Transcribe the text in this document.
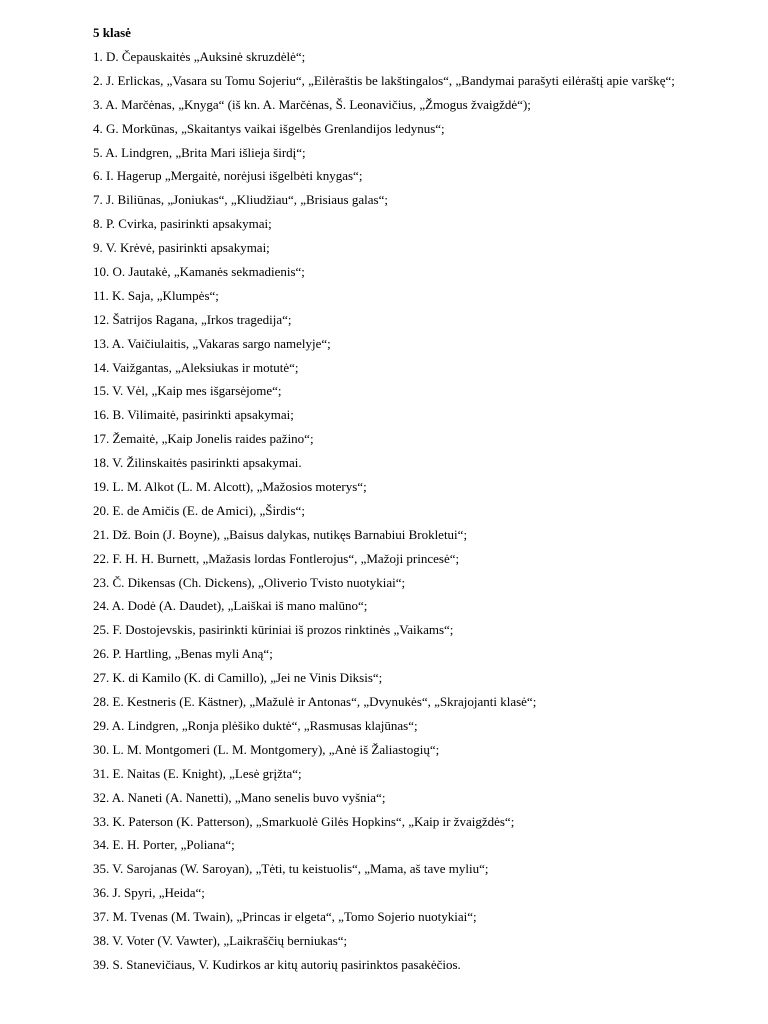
5 klasė
1. D. Čepauskaitės „Auksinė skruzdėlė“;
2. J. Erlickas, „Vasara su Tomu Sojeriu“, „Eilėraštis be lakštingalos“, „Bandymai parašyti eilėraštį apie varškę“;
3. A. Marčėnas, „Knyga“ (iš kn. A. Marčėnas, Š. Leonavičius, „Žmogus žvaigždė“);
4. G. Morkūnas, „Skaitantys vaikai išgelbės Grenlandijos ledynus“;
5. A. Lindgren, „Brita Mari išlieja širdį“;
6. I. Hagerup „Mergaitė, norėjusi išgelbėti knygas“;
7. J. Biliūnas, „Joniukas“, „Kliudžiau“, „Brisiaus galas“;
8. P. Cvirka, pasirinkti apsakymai;
9. V. Krėvė, pasirinkti apsakymai;
10. O. Jautakė, „Kamanės sekmadienis“;
11. K. Saja, „Klumpės“;
12. Šatrijos Ragana, „Irkos tragedija“;
13. A. Vaičiulaitis, „Vakaras sargo namelyje“;
14. Vaižgantas, „Aleksiukas ir motutė“;
15. V. Vėl, „Kaip mes išgarsėjome“;
16. B. Vilimaitė, pasirinkti apsakymai;
17. Žemaitė, „Kaip Jonelis raides pažino“;
18. V. Žilinskaitės pasirinkti apsakymai.
19. L. M. Alkot (L. M. Alcott), „Mažosios moterys“;
20. E. de Amičis (E. de Amici), „Širdis“;
21. Dž. Boin (J. Boyne), „Baisus dalykas, nutikęs Barnabiui Brokletui“;
22. F. H. H. Burnett, „Mažasis lordas Fontlerojus“, „Mažoji princesė“;
23. Č. Dikensas (Ch. Dickens), „Oliverio Tvisto nuotykiai“;
24. A. Dodė (A. Daudet), „Laiškai iš mano malūno“;
25. F. Dostojevskis, pasirinkti kūriniai iš prozos rinktinės „Vaikams“;
26. P. Hartling, „Benas myli Aną“;
27. K. di Kamilo (K. di Camillo), „Jei ne Vinis Diksis“;
28. E. Kestneris (E. Kästner), „Mažulė ir Antonas“, „Dvynukės“, „Skrajojanti klasė“;
29. A. Lindgren, „Ronja plėšiko duktė“, „Rasmusas klajūnas“;
30. L. M. Montgomeri (L. M. Montgomery), „Anė iš Žaliastogių“;
31. E. Naitas (E. Knight), „Lesė grįžta“;
32. A. Naneti (A. Nanetti), „Mano senelis buvo vyšnia“;
33. K. Paterson (K. Patterson), „Smarkuolė Gilės Hopkins“, „Kaip ir žvaigždės“;
34. E. H. Porter, „Poliana“;
35. V. Sarojanas (W. Saroyan), „Tėti, tu keistuolis“, „Mama, aš tave myliu“;
36. J. Spyri, „Heida“;
37. M. Tvenas (M. Twain), „Princas ir elgeta“, „Tomo Sojerio nuotykiai“;
38. V. Voter (V. Vawter), „Laikraščių berniukas“;
39. S. Stanevičiaus, V. Kudirkos ar kitų autorių pasirinktos pasakėčios.
